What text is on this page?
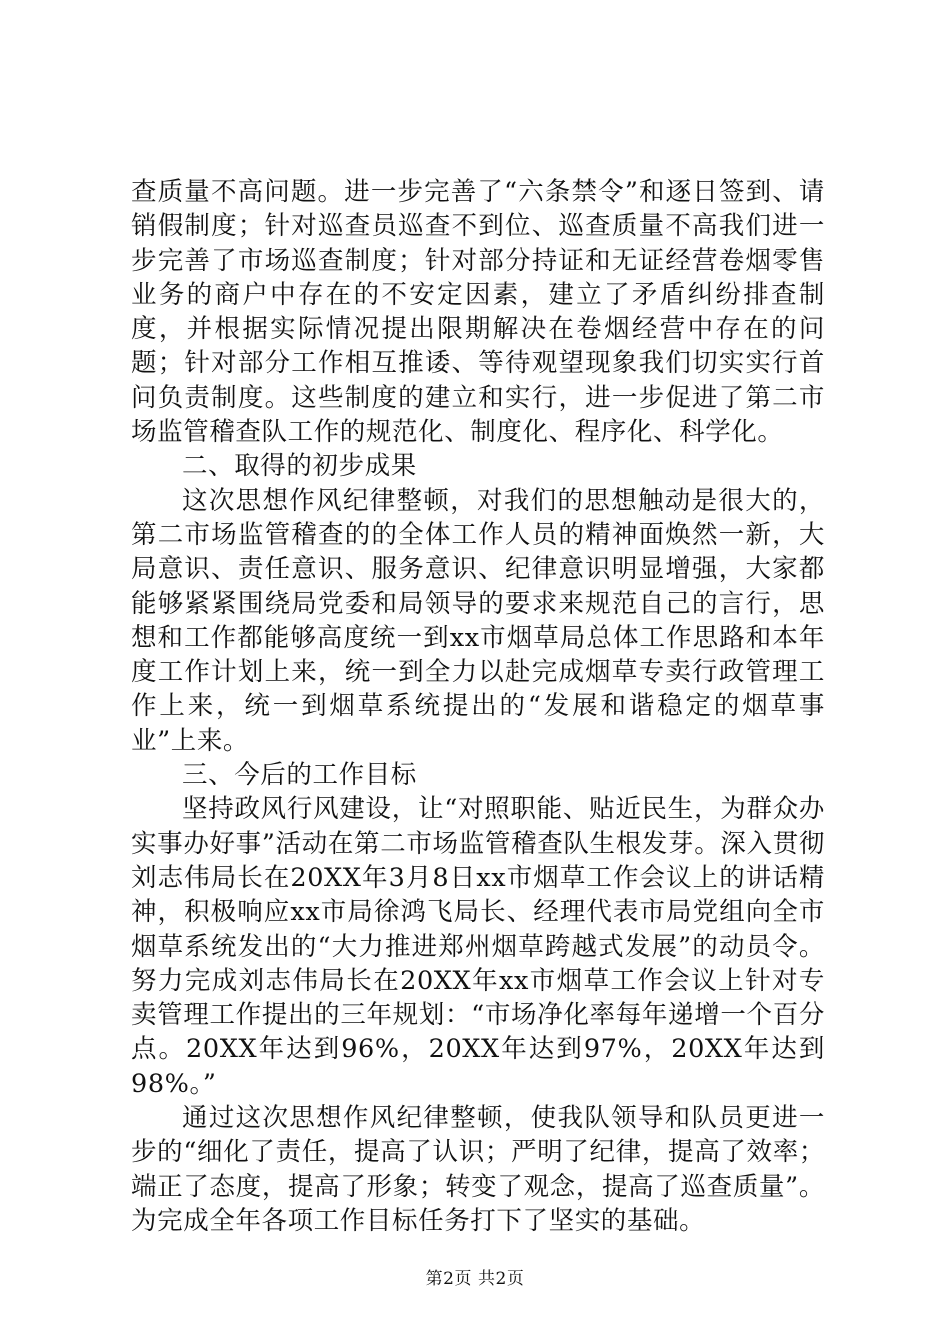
查质量不高问题。进一步完善了“六条禁令”和逐日签到、请销假制度；针对巡查员巡查不到位、巡查质量不高我们进一步完善了市场巡查制度；针对部分持证和无证经营卷烟零售业务的商户中存在的不安定因素，建立了矛盾纠纷排查制度，并根据实际情况提出限期解决在卷烟经营中存在的问题；针对部分工作相互推诿、等待观望现象我们切实实行首问负责制度。这些制度的建立和实行，进一步促进了第二市场监管稽查队工作的规范化、制度化、程序化、科学化。

二、取得的初步成果

这次思想作风纪律整顿，对我们的思想触动是很大的，第二市场监管稽查的的全体工作人员的精神面焕然一新，大局意识、责任意识、服务意识、纪律意识明显增强，大家都能够紧紧围绕局党委和局领导的要求来规范自己的言行，思想和工作都能够高度统一到xx市烟草局总体工作思路和本年度工作计划上来，统一到全力以赴完成烟草专卖行政管理工作上来，统一到烟草系统提出的“发展和谐稳定的烟草事业”上来。

三、今后的工作目标

坚持政风行风建设，让“对照职能、贴近民生，为群众办实事办好事”活动在第二市场监管稽查队生根发芽。深入贯彻刘志伟局长在20XX年3月8日xx市烟草工作会议上的讲话精神，积极响应xx市局徐鸿飞局长、经理代表市局党组向全市烟草系统发出的“大力推进郑州烟草跨越式发展”的动员令。努力完成刘志伟局长在20XX年xx市烟草工作会议上针对专卖管理工作提出的三年规划：“市场净化率每年递增一个百分点。20XX年达到96%，20XX年达到97%，20XX年达到98%。”

通过这次思想作风纪律整顿，使我队领导和队员更进一步的“细化了责任，提高了认识；严明了纪律，提高了效率；端正了态度，提高了形象；转变了观念，提高了巡查质量”。为完成全年各项工作目标任务打下了坚实的基础。

第2页 共2页
